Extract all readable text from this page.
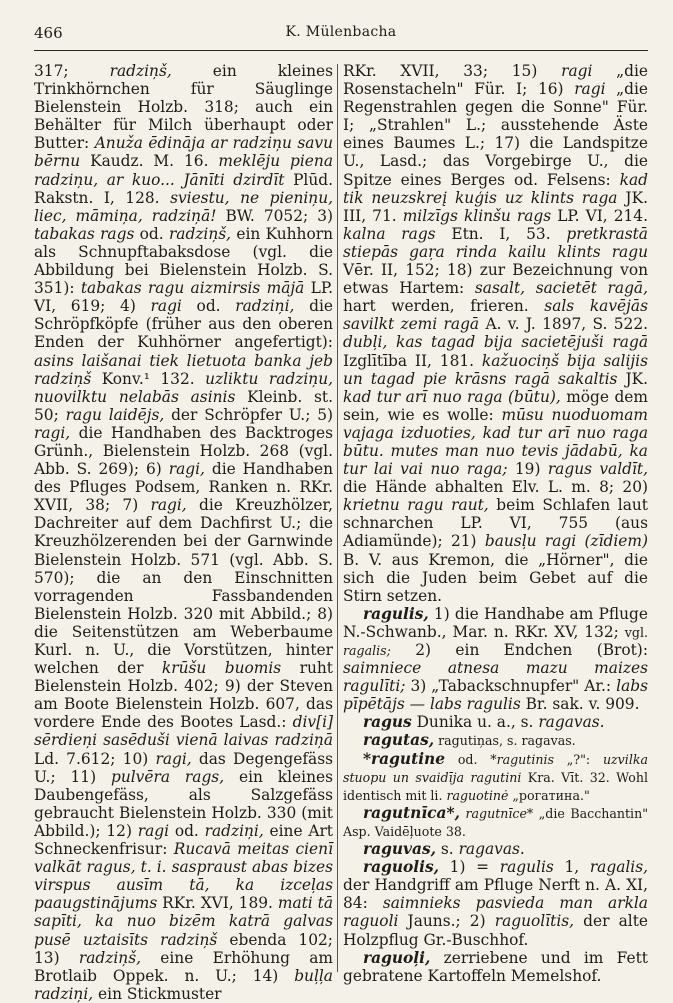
466	K. Mülenbacha

317; radziņš, ein kleines Trinkhörnchen für Säuglinge Bielenstein Holzb. 318; auch ein Behälter für Milch überhaupt oder Butter: Anuža ēdināja ar radziņu savu bērnu Kaudz. M. 16. meklēju piena radziņu, ar kuo... Jānīti dzirdīt Plūd. Rakstn. I, 128. sviestu, ne pieniņu, liec, māmiņa, radziņā! BW. 7052; 3) tabakas rags od. radziņš, ein Kuhhorn als Schnupftabaksdose (vgl. die Abbildung bei Bielenstein Holzb. S. 351): tabakas ragu aizmirsis mājā LP. VI, 619; 4) ragi od. radziņi, die Schröpfköpfe (früher aus den oberen Enden der Kuhhörner angefertigt): asins laišanai tiek lietuota banka jeb radziņš Konv.¹ 132. uzliktu radziņu, nuovilktu nelabās asinis Kleinb. st. 50; ragu laidējs, der Schröpfer U.; 5) ragi, die Handhaben des Backtroges Grünh., Bielenstein Holzb. 268 (vgl. Abb. S. 269); 6) ragi, die Handhaben des Pfluges Podsem, Ranken n. RKr. XVII, 38; 7) ragi, die Kreuzhölzer, Dachreiter auf dem Dachfirst U.; die Kreuzhölzerenden bei der Garnwinde Bielenstein Holzb. 571 (vgl. Abb. S. 570); die an den Einschnitten vorragenden Fassbandenden Bielenstein Holzb. 320 mit Abbild.; 8) die Seitenstützen am Weberbaume Kurl. n. U., die Vorstützen, hinter welchen der krūšu buomis ruht Bielenstein Holzb. 402; 9) der Steven am Boote Bielenstein Holzb. 607, das vordere Ende des Bootes Lasd.: div[i] sērdieņi sasēduši vienā laivas radziņā Ld. 7.612; 10) ragi, das Degengefäss U.; 11) pulvēra rags, ein kleines Daubengefäss, als Salzgefäss gebraucht Bielenstein Holzb. 330 (mit Abbild.); 12) ragi od. radziņi, eine Art Schneckenfrisur: Rucavā meitas cienī valkāt ragus, t. i. saspraust abas bizes virspus ausīm tā, ka izceļas paaugstinājums RKr. XVI, 189. mati tā sapīti, ka nuo bizēm katrā galvas pusē uztaisīts radziņš ebenda 102; 13) radziņš, eine Erhöhung am Brotlaib Oppek. n. U.; 14) buļļa radziņi, ein Stickmuster

RKr. XVII, 33; 15) ragi „die Rosenstacheln" Für. I; 16) ragi „die Regenstrahlen gegen die Sonne" Für. I; „Strahlen" L.; ausstehende Äste eines Baumes L.; 17) die Landspitze U., Lasd.; das Vorgebirge U., die Spitze eines Berges od. Felsens: kad tik neuzskreį kuģis uz klints raga JK. III, 71. milzīgs klinšu rags LP. VI, 214. kalna rags Etn. I, 53. pretkrastā stiepās gaŗa rinda kailu klints ragu Vēr. II, 152; 18) zur Bezeichnung von etwas Hartem: sasalt, sacietēt ragā, hart werden, frieren. sals kavējās savilkt zemi ragā A. v. J. 1897, S. 522. dubļi, kas tagad bija sacietējuši ragā Izglītība II, 181. kažuociņš bija salijis un tagad pie krāsns ragā sakaltis JK. kad tur arī nuo raga (būtu), möge dem sein, wie es wolle: mūsu nuoduomam vajaga izduoties, kad tur arī nuo raga būtu. mutes man nuo tevis jādabū, ka tur lai vai nuo raga; 19) ragus valdīt, die Hände abhalten Elv. L. m. 8; 20) krietnu ragu raut, beim Schlafen laut schnarchen LP. VI, 755 (aus Adiamünde); 21) bausļu ragi (zīdiem) B. V. aus Kremon, die „Hörner", die sich die Juden beim Gebet auf die Stirn setzen.

ragulis, 1) die Handhabe am Pfluge N.-Schwanb., Mar. n. RKr. XV, 132; vgl. ragalis; 2) ein Endchen (Brot): saimniece atnesa mazu maizes ragulīti; 3) „Tabackschnupfer" Ar.: labs pīpētājs — labs ragulis Br. sak. v. 909.

ragus Dunika u. a., s. ragavas.

ragutas, ragutiņas, s. ragavas.

*ragutine od. *ragutinis „?": uzvilka stuopu un svaidīja ragutini Kra. Vīt. 32. Wohl identisch mit li. raguotinė „рогатина."

ragutnīca*, ragutnīce* „die Bacchantin" Asp. Vaidēļuote 38.

raguvas, s. ragavas.

raguolis, 1) = ragulis 1, ragalis, der Handgriff am Pfluge Nerft n. A. XI, 84: saimnieks pasvieda man arkla raguoli Jauns.; 2) raguolītis, der alte Holzpflug Gr.-Buschhof.

raguoļi, zerriebene und im Fett gebratene Kartoffeln Memelshof.
